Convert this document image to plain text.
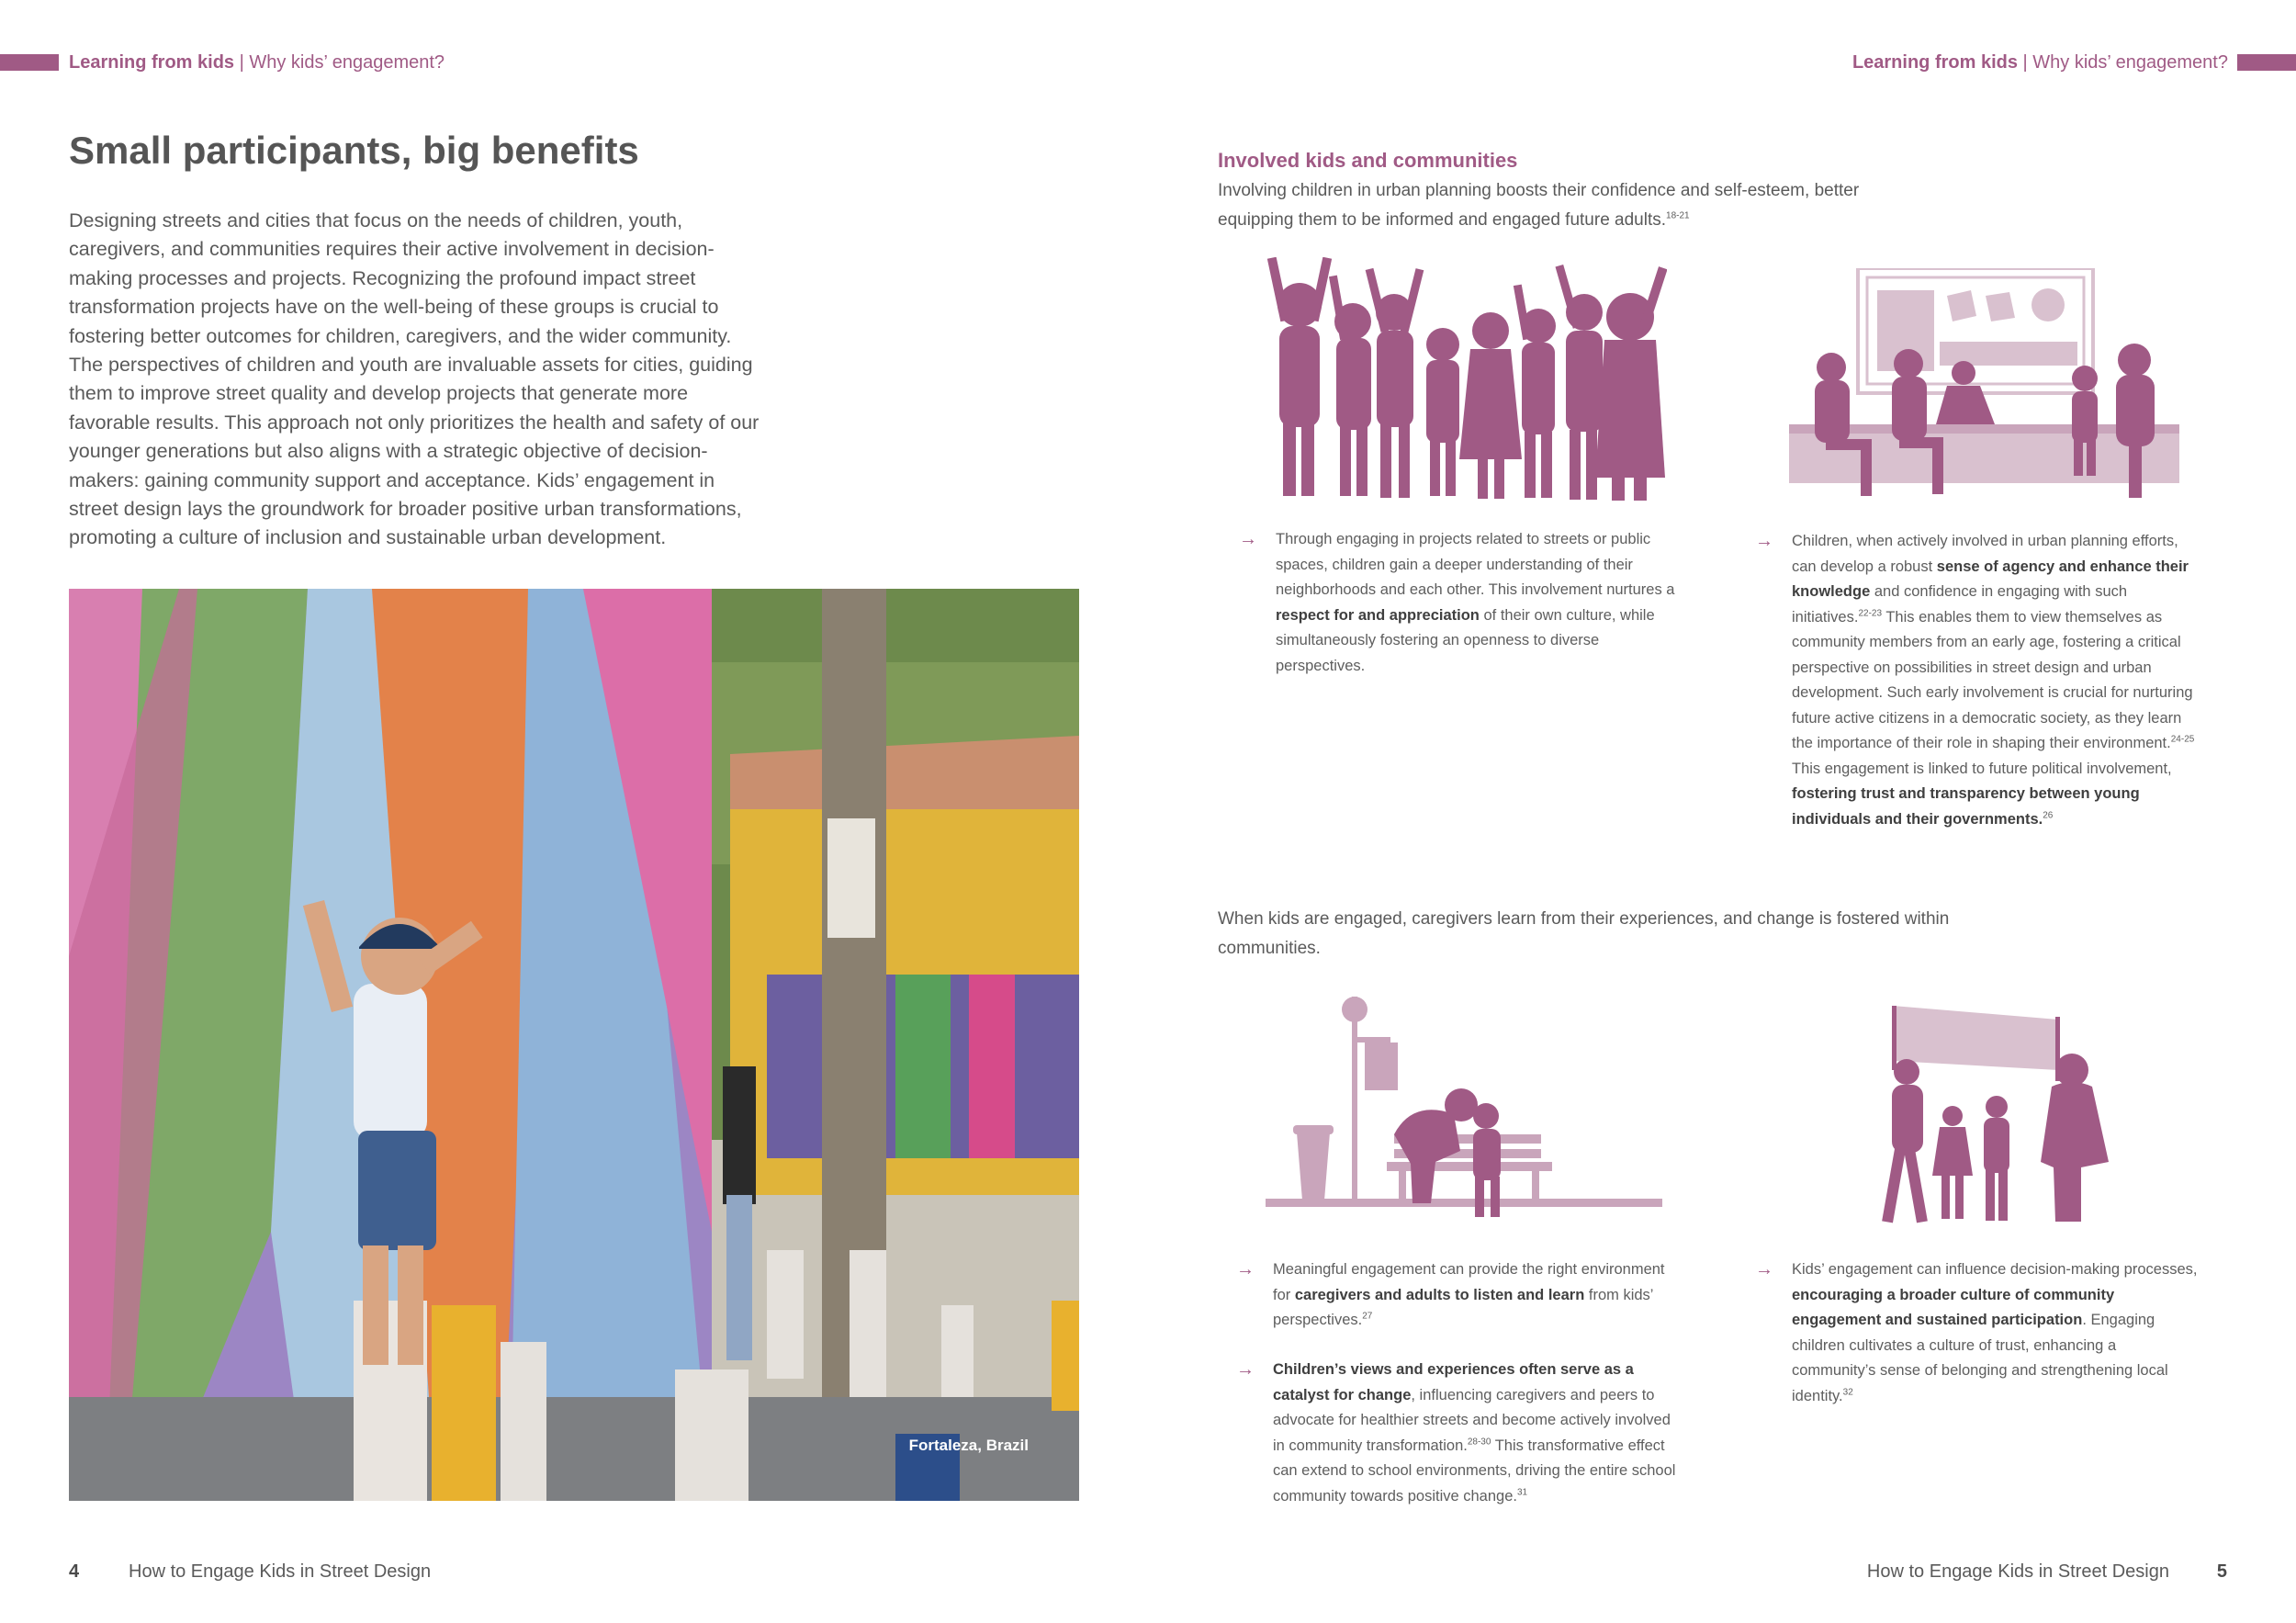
Learning from kids | Why kids’ engagement?	Learning from kids | Why kids’ engagement?
Small participants, big benefits
Designing streets and cities that focus on the needs of children, youth, caregivers, and communities requires their active involvement in decision-making processes and projects. Recognizing the profound impact street transformation projects have on the well-being of these groups is crucial to fostering better outcomes for children, caregivers, and the wider community. The perspectives of children and youth are invaluable assets for cities, guiding them to improve street quality and develop projects that generate more favorable results. This approach not only prioritizes the health and safety of our younger generations but also aligns with a strategic objective of decision-makers: gaining community support and acceptance. Kids’ engagement in street design lays the groundwork for broader positive urban transformations, promoting a culture of inclusion and sustainable urban development.
Fortaleza, Brazil
Involved kids and communities
Involving children in urban planning boosts their confidence and self-esteem, better equipping them to be informed and engaged future adults.$^{18-21}$
→ Through engaging in projects related to streets or public spaces, children gain a deeper understanding of their neighborhoods and each other. This involvement nurtures a respect for and appreciation of their own culture, while simultaneously fostering an openness to diverse perspectives.
→ Children, when actively involved in urban planning efforts, can develop a robust sense of agency and enhance their knowledge and confidence in engaging with such initiatives.$^{22-23}$ This enables them to view themselves as community members from an early age, fostering a critical perspective on possibilities in street design and urban development. Such early involvement is crucial for nurturing future active citizens in a democratic society, as they learn the importance of their role in shaping their environment.$^{24-25}$ This engagement is linked to future political involvement, fostering trust and transparency between young individuals and their governments.$^{26}$
When kids are engaged, caregivers learn from their experiences, and change is fostered within communities.
→ Meaningful engagement can provide the right environment for caregivers and adults to listen and learn from kids’ perspectives.$^{27}$
→ Children’s views and experiences often serve as a catalyst for change, influencing caregivers and peers to advocate for healthier streets and become actively involved in community transformation.$^{28-30}$ This transformative effect can extend to school environments, driving the entire school community towards positive change.$^{31}$
→ Kids’ engagement can influence decision-making processes, encouraging a broader culture of community engagement and sustained participation. Engaging children cultivates a culture of trust, enhancing a community’s sense of belonging and strengthening local identity.$^{32}$
4	How to Engage Kids in Street Design	How to Engage Kids in Street Design	5
